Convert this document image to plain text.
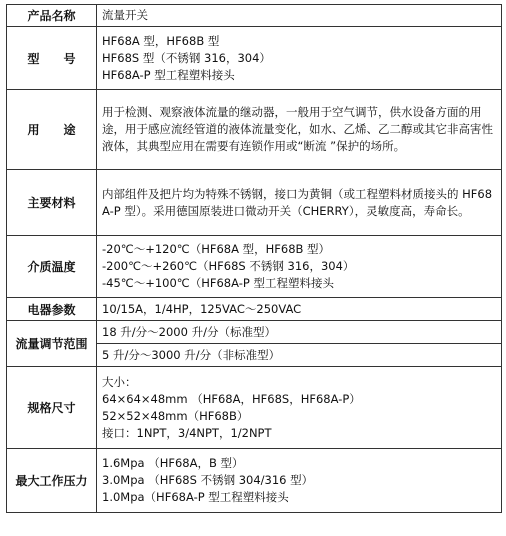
产品名称	流量开关

型　　号	HF68A 型，HF68B 型
HF68S 型（不锈钢 316，304）
HF68A-P 型工程塑料接头

用　　途	用于检测、观察液体流量的继动器，一般用于空气调节，供水设备方面的用途，用于感应流经管道的液体流量变化，如水、乙烯、乙二醇或其它非高害性液体，其典型应用在需要有连锁作用或“断流 ”保护的场所。

主要材料	内部组件及把片均为特殊不锈钢，接口为黄铜（或工程塑料材质接头的 HF68A-P 型）。采用德国原装进口微动开关（CHERRY），灵敏度高，寿命长。

介质温度	-20℃～+120℃（HF68A 型，HF68B 型）
-200℃～+260℃（HF68S 不锈钢 316，304）
-45℃～+100℃（HF68A-P 型工程塑料接头

电器参数	10/15A，1/4HP，125VAC～250VAC

流量调节范围	18 升/分～2000 升/分（标准型）

	5 升/分～3000 升/分（非标准型）

规格尺寸	大小：
64×64×48mm （HF68A，HF68S，HF68A-P）
52×52×48mm（HF68B）
接口：1NPT，3/4NPT，1/2NPT

最大工作压力	1.6Mpa （HF68A，B 型）
3.0Mpa （HF68S 不锈钢 304/316 型）
1.0Mpa（HF68A-P 型工程塑料接头
